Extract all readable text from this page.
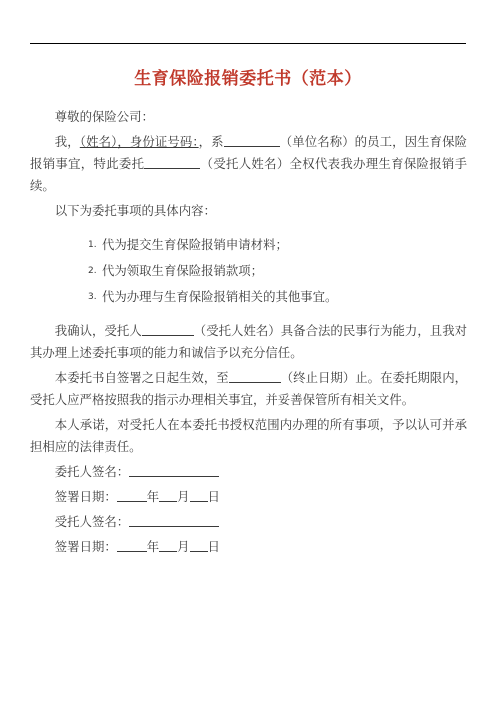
生育保险报销委托书（范本）

尊敬的保险公司：

我，（姓名），身份证号码：，系	（单位名称）的员工，因生育保险报销事宜，特此委托	（受托人姓名）全权代表我办理生育保险报销手续。

以下为委托事项的具体内容：

1. 代为提交生育保险报销申请材料；
2. 代为领取生育保险报销款项；
3. 代为办理与生育保险报销相关的其他事宜。

我确认，受托人	（受托人姓名）具备合法的民事行为能力，且我对其办理上述委托事项的能力和诚信予以充分信任。

本委托书自签署之日起生效，至	（终止日期）止。在委托期限内，受托人应严格按照我的指示办理相关事宜，并妥善保管所有相关文件。

本人承诺，对受托人在本委托书授权范围内办理的所有事项，予以认可并承担相应的法律责任。

委托人签名：

签署日期： 年 月 日

受托人签名：

签署日期： 年 月 日
